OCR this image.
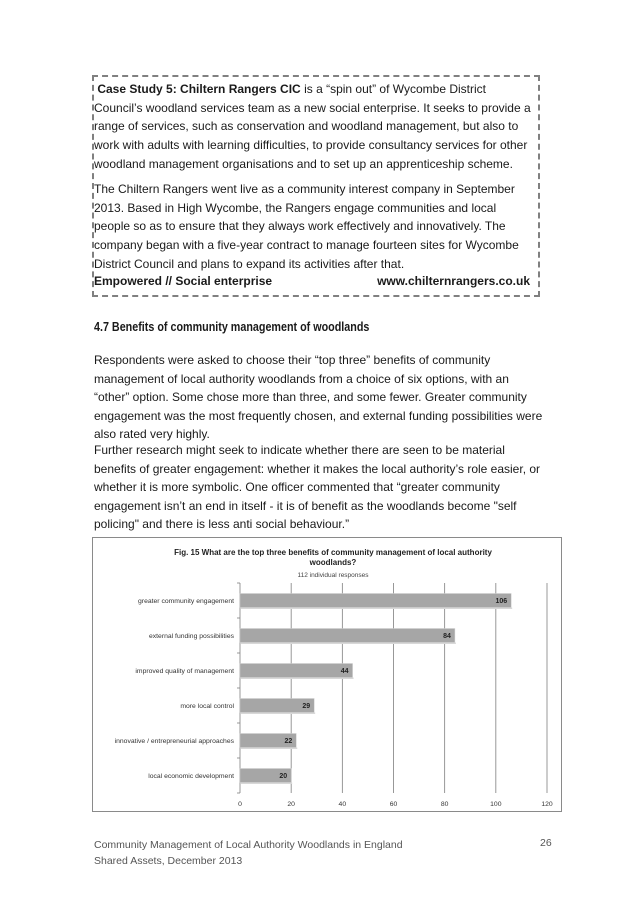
Case Study 5: Chiltern Rangers CIC is a “spin out” of Wycombe District Council’s woodland services team as a new social enterprise. It seeks to provide a range of services, such as conservation and woodland management, but also to work with adults with learning difficulties, to provide consultancy services for other woodland management organisations and to set up an apprenticeship scheme.

The Chiltern Rangers went live as a community interest company in September 2013. Based in High Wycombe, the Rangers engage communities and local people so as to ensure that they always work effectively and innovatively. The company began with a five-year contract to manage fourteen sites for Wycombe District Council and plans to expand its activities after that.

Empowered // Social enterprise	www.chilternrangers.co.uk
4.7 Benefits of community management of woodlands

Respondents were asked to choose their “top three” benefits of community management of local authority woodlands from a choice of six options, with an “other” option. Some chose more than three, and some fewer. Greater community engagement was the most frequently chosen, and external funding possibilities were also rated very highly.

Further research might seek to indicate whether there are seen to be material benefits of greater engagement: whether it makes the local authority’s role easier, or whether it is more symbolic. One officer commented that “greater community engagement isn’t an end in itself - it is of benefit as the woodlands become "self policing" and there is less anti social behaviour.”

Fig. 15 What are the top three benefits of community management of local authority
woodlands?
112 individual responses
106
84
44
29
22
20
greater community engagement
external funding possibilities
improved quality of management
more local control
innovative / entrepreneurial approaches
local economic development
0	20	40	60	80	100	120
Community Management of Local Authority Woodlands in England
Shared Assets, December 2013
26
